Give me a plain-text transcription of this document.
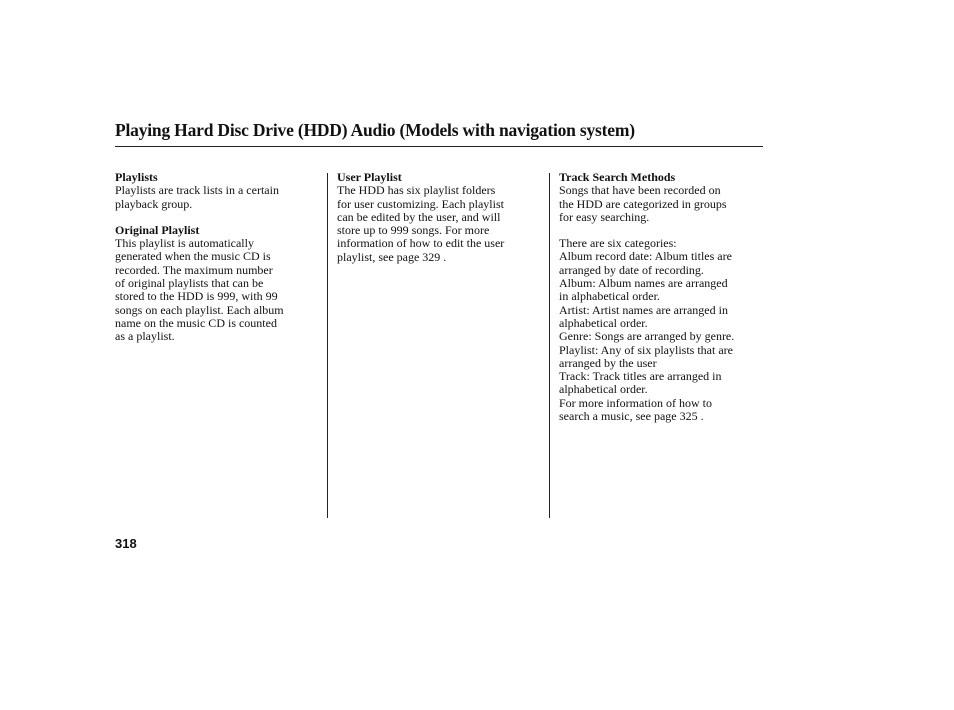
Playing Hard Disc Drive (HDD) Audio (Models with navigation system)
Playlists
Playlists are track lists in a certain
playback group.
Original Playlist
This playlist is automatically
generated when the music CD is
recorded. The maximum number
of original playlists that can be
stored to the HDD is 999, with 99
songs on each playlist. Each album
name on the music CD is counted
as a playlist.
User Playlist
The HDD has six playlist folders
for user customizing. Each playlist
can be edited by the user, and will
store up to 999 songs. For more
information of how to edit the user
playlist, see page 329 .
Track Search Methods
Songs that have been recorded on
the HDD are categorized in groups
for easy searching.
There are six categories:
Album record date: Album titles are
arranged by date of recording.
Album: Album names are arranged
in alphabetical order.
Artist: Artist names are arranged in
alphabetical order.
Genre: Songs are arranged by genre.
Playlist: Any of six playlists that are
arranged by the user
Track: Track titles are arranged in
alphabetical order.
For more information of how to
search a music, see page 325 .
318
